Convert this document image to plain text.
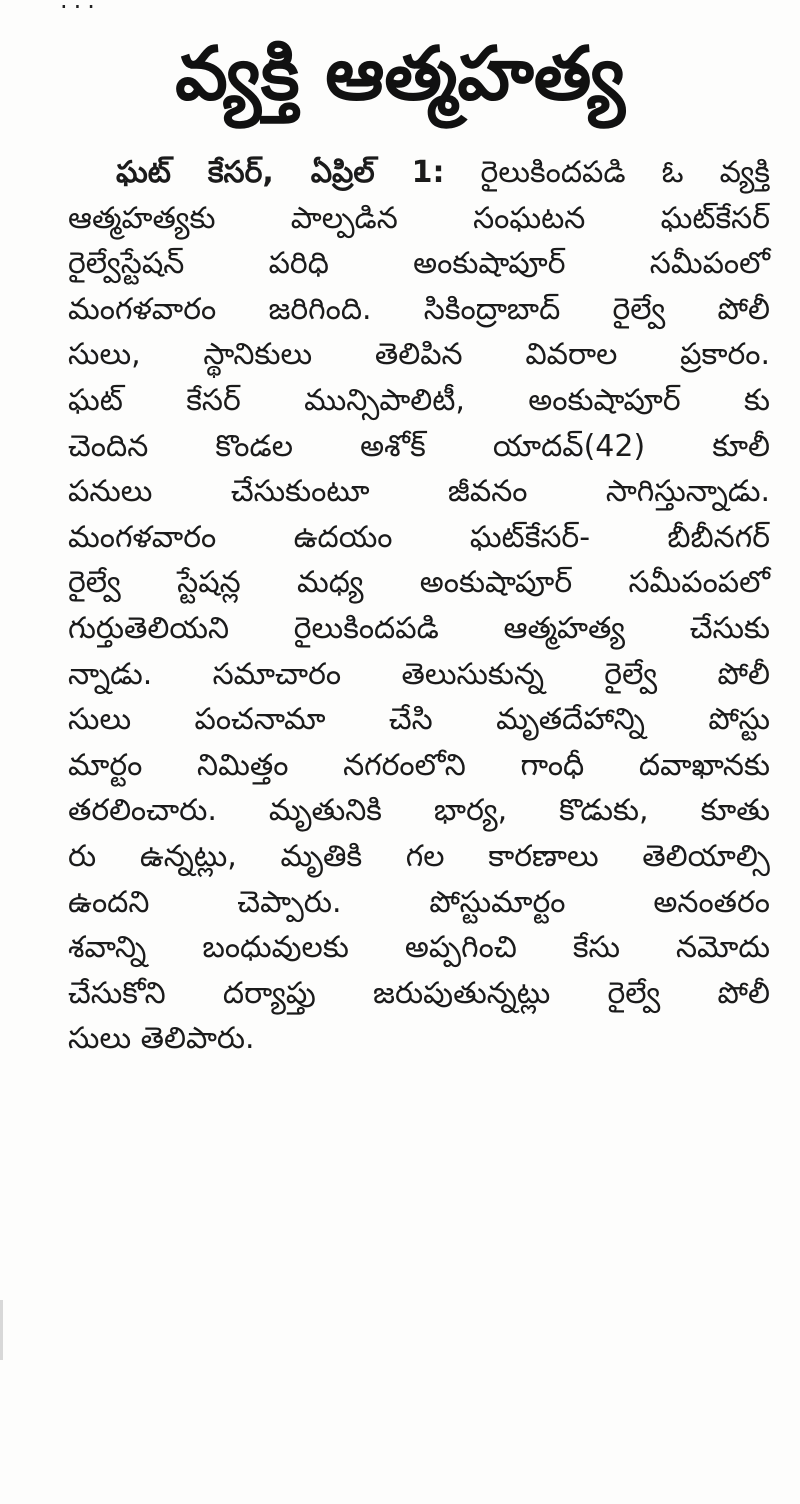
...
వ్యక్తి ఆత్మహత్య
ఘట్ కేసర్, ఏప్రిల్ 1: రైలుకిందపడి ఓ వ్యక్తి
ఆత్మహత్యకు పాల్పడిన సంఘటన ఘట్‌కేసర్
రైల్వేస్టేషన్ పరిధి అంకుషాపూర్ సమీపంలో
మంగళవారం జరిగింది. సికింద్రాబాద్ రైల్వే పోలీ
సులు, స్థానికులు తెలిపిన వివరాల ప్రకారం.
ఘట్ కేసర్ మున్సిపాలిటీ, అంకుషాపూర్ కు
చెందిన కొండల అశోక్ యాదవ్(42) కూలీ
పనులు చేసుకుంటూ జీవనం సాగిస్తున్నాడు.
మంగళవారం ఉదయం ఘట్‌కేసర్- బీబీనగర్
రైల్వే స్టేషన్ల మధ్య అంకుషాపూర్ సమీపంపలో
గుర్తుతెలియని రైలుకిందపడి ఆత్మహత్య చేసుకు
న్నాడు. సమాచారం తెలుసుకున్న రైల్వే పోలీ
సులు పంచనామా చేసి మృతదేహాన్ని పోస్టు
మార్టం నిమిత్తం నగరంలోని గాంధీ దవాఖానకు
తరలించారు. మృతునికి భార్య, కొడుకు, కూతు
రు ఉన్నట్లు, మృతికి గల కారణాలు తెలియాల్సి
ఉందని చెప్పారు. పోస్టుమార్టం అనంతరం
శవాన్ని బంధువులకు అప్పగించి కేసు నమోదు
చేసుకోని దర్యాప్తు జరుపుతున్నట్లు రైల్వే పోలీ
సులు తెలిపారు.
